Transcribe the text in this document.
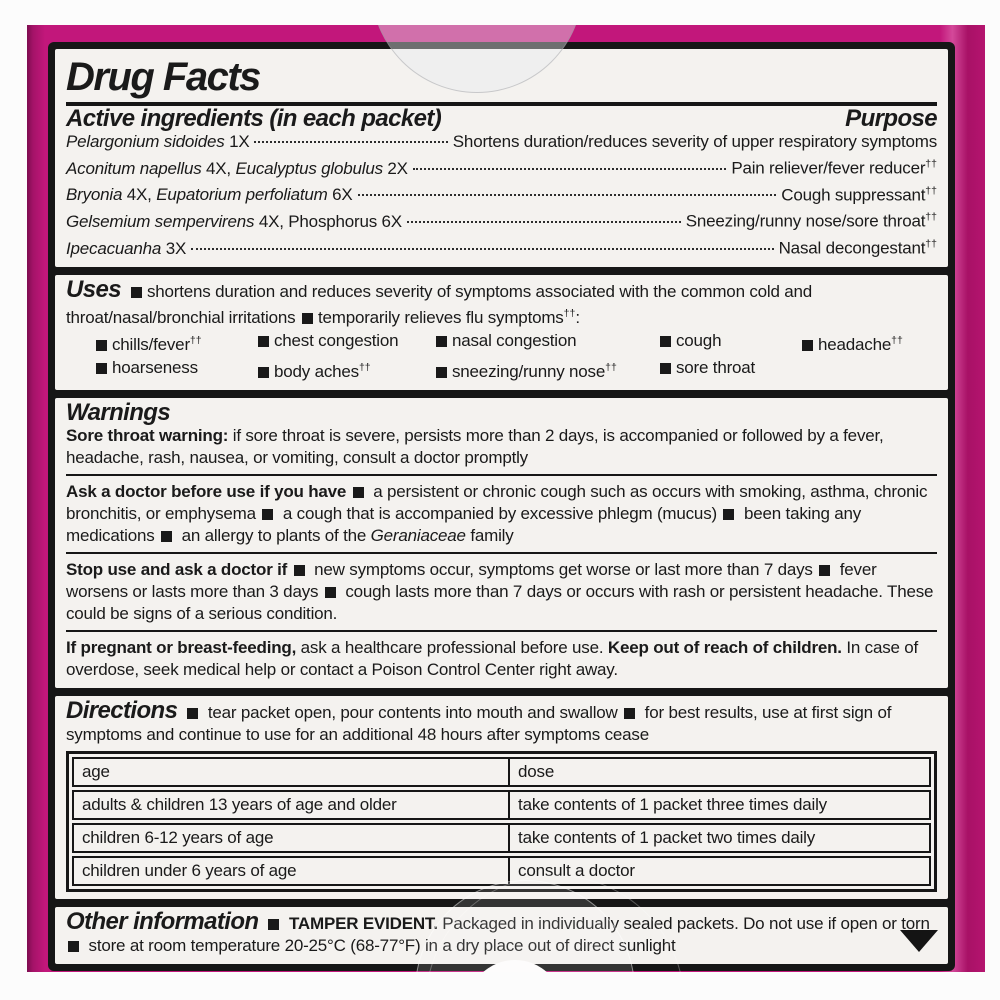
Drug Facts
Active ingredients (in each packet)	Purpose
Pelargonium sidoides 1X	Shortens duration/reduces severity of upper respiratory symptoms
Aconitum napellus 4X, Eucalyptus globulus 2X	Pain reliever/fever reducer††
Bryonia 4X, Eupatorium perfoliatum 6X	Cough suppressant††
Gelsemium sempervirens 4X, Phosphorus 6X	Sneezing/runny nose/sore throat††
Ipecacuanha 3X	Nasal decongestant††
Uses shortens duration and reduces severity of symptoms associated with the common cold and throat/nasal/bronchial irritations temporarily relieves flu symptoms††:
chills/fever††	chest congestion	nasal congestion	cough	headache††
hoarseness	body aches††	sneezing/runny nose††	sore throat
Warnings
Sore throat warning: if sore throat is severe, persists more than 2 days, is accompanied or followed by a fever, headache, rash, nausea, or vomiting, consult a doctor promptly
Ask a doctor before use if you have  a persistent or chronic cough such as occurs with smoking, asthma, chronic bronchitis, or emphysema  a cough that is accompanied by excessive phlegm (mucus)  been taking any medications  an allergy to plants of the Geraniaceae family
Stop use and ask a doctor if  new symptoms occur, symptoms get worse or last more than 7 days  fever worsens or lasts more than 3 days  cough lasts more than 7 days or occurs with rash or persistent headache. These could be signs of a serious condition.
If pregnant or breast-feeding, ask a healthcare professional before use. Keep out of reach of children. In case of overdose, seek medical help or contact a Poison Control Center right away.
Directions tear packet open, pour contents into mouth and swallow  for best results, use at first sign of symptoms and continue to use for an additional 48 hours after symptoms cease
age	dose
adults & children 13 years of age and older	take contents of 1 packet three times daily
children 6-12 years of age	take contents of 1 packet two times daily
children under 6 years of age	consult a doctor
Other information TAMPER EVIDENT. Packaged in individually sealed packets. Do not use if open or torn  store at room temperature 20-25°C (68-77°F) in a dry place out of direct sunlight
